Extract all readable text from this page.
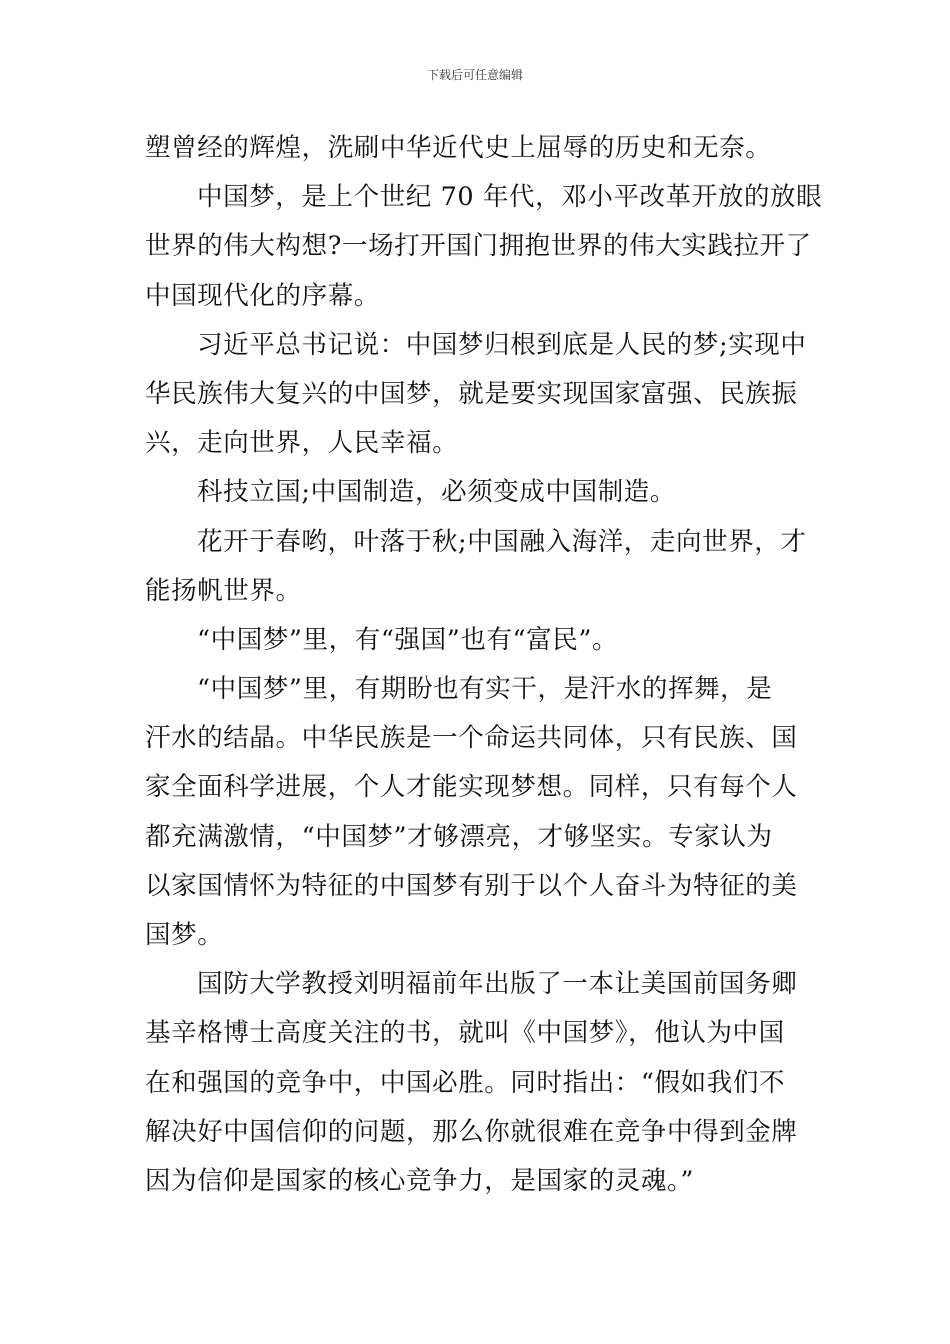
下载后可任意编辑
塑曾经的辉煌，洗刷中华近代史上屈辱的历史和无奈。
中国梦，是上个世纪 70 年代，邓小平改革开放的放眼
世界的伟大构想?一场打开国门拥抱世界的伟大实践拉开了
中国现代化的序幕。
习近平总书记说：中国梦归根到底是人民的梦;实现中
华民族伟大复兴的中国梦，就是要实现国家富强、民族振
兴，走向世界，人民幸福。
科技立国;中国制造，必须变成中国制造。
花开于春哟，叶落于秋;中国融入海洋，走向世界，才
能扬帆世界。
“中国梦”里，有“强国”也有“富民”。
“中国梦”里，有期盼也有实干，是汗水的挥舞，是
汗水的结晶。中华民族是一个命运共同体，只有民族、国
家全面科学进展，个人才能实现梦想。同样，只有每个人
都充满激情，“中国梦”才够漂亮，才够坚实。专家认为
以家国情怀为特征的中国梦有别于以个人奋斗为特征的美
国梦。
国防大学教授刘明福前年出版了一本让美国前国务卿
基辛格博士高度关注的书，就叫《中国梦》，他认为中国
在和强国的竞争中，中国必胜。同时指出：“假如我们不
解决好中国信仰的问题，那么你就很难在竞争中得到金牌
因为信仰是国家的核心竞争力，是国家的灵魂。”
